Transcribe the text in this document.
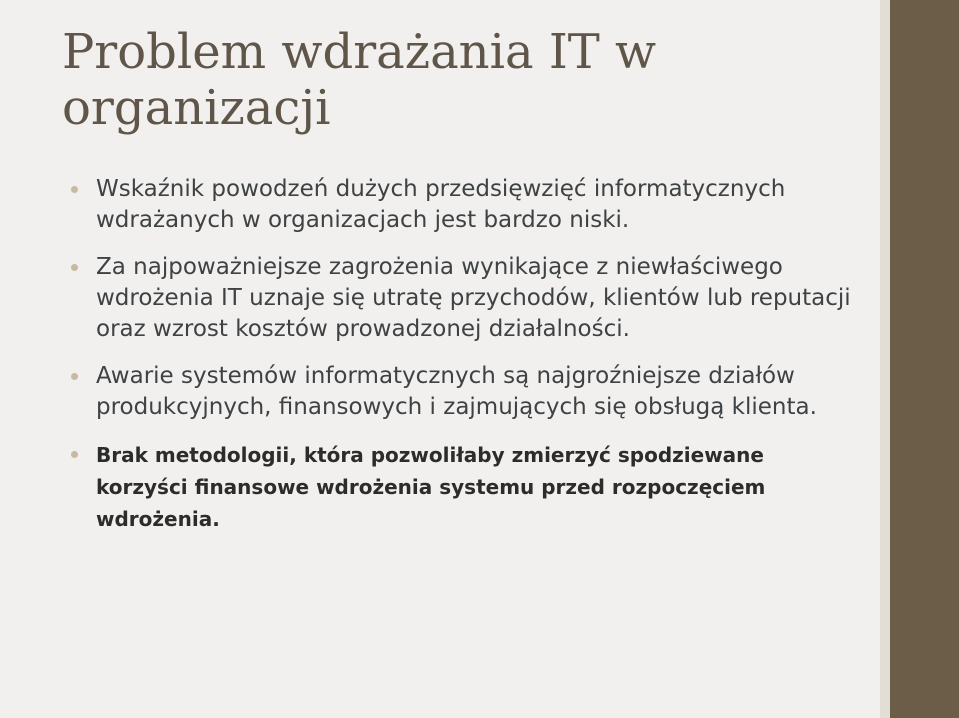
Problem wdrażania IT w organizacji
Wskaźnik powodzeń dużych przedsięwzięć informatycznych wdrażanych w organizacjach jest bardzo niski.
Za najpoważniejsze zagrożenia wynikające z niewłaściwego wdrożenia IT uznaje się utratę przychodów, klientów lub reputacji oraz wzrost kosztów prowadzonej działalności.
Awarie systemów informatycznych są najgroźniejsze działów produkcyjnych, finansowych i zajmujących się obsługą klienta.
Brak metodologii, która pozwoliłaby zmierzyć spodziewane korzyści finansowe wdrożenia systemu przed rozpoczęciem wdrożenia.
